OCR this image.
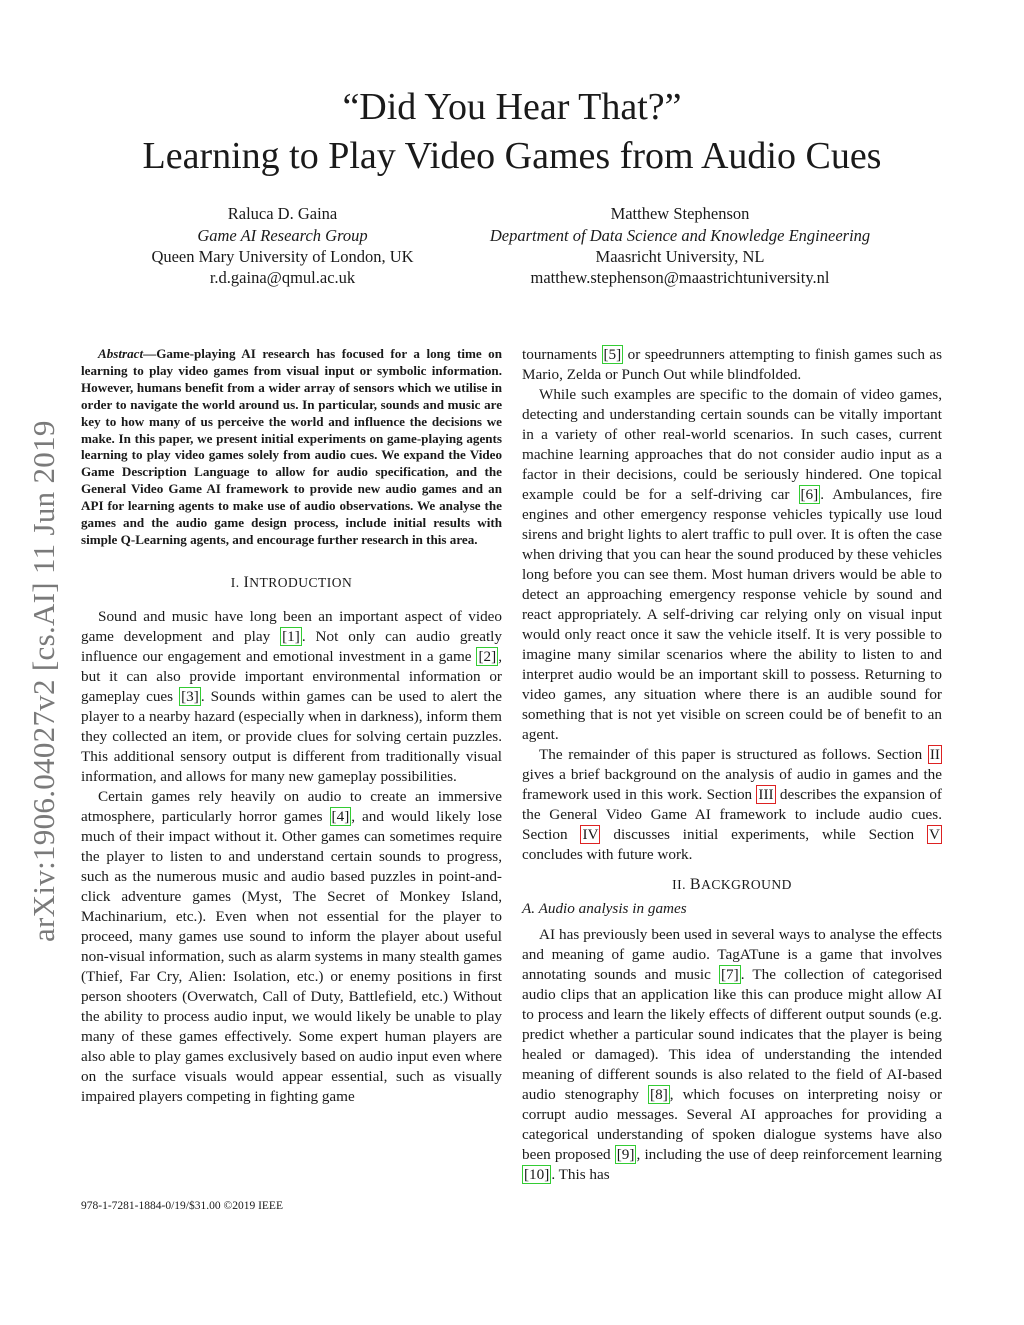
“Did You Hear That?”
Learning to Play Video Games from Audio Cues
Raluca D. Gaina
Game AI Research Group
Queen Mary University of London, UK
r.d.gaina@qmul.ac.uk
Matthew Stephenson
Department of Data Science and Knowledge Engineering
Maasricht University, NL
matthew.stephenson@maastrichtuniversity.nl

Abstract—Game-playing AI research has focused for a long time on learning to play video games from visual input or symbolic information. However, humans benefit from a wider array of sensors which we utilise in order to navigate the world around us. In particular, sounds and music are key to how many of us perceive the world and influence the decisions we make. In this paper, we present initial experiments on game-playing agents learning to play video games solely from audio cues. We expand the Video Game Description Language to allow for audio specification, and the General Video Game AI framework to provide new audio games and an API for learning agents to make use of audio observations. We analyse the games and the audio game design process, include initial results with simple Q-Learning agents, and encourage further research in this area.

I. INTRODUCTION

Sound and music have long been an important aspect of video game development and play [1] . Not only can audio greatly influence our engagement and emotional investment in a game [2] , but it can also provide important environmental information or gameplay cues [3] . Sounds within games can be used to alert the player to a nearby hazard (especially when in darkness), inform them they collected an item, or provide clues for solving certain puzzles. This additional sensory output is different from traditionally visual information, and allows for many new gameplay possibilities.

Certain games rely heavily on audio to create an immersive atmosphere, particularly horror games [4] , and would likely lose much of their impact without it. Other games can sometimes require the player to listen to and understand certain sounds to progress, such as the numerous music and audio based puzzles in point-and-click adventure games (Myst, The Secret of Monkey Island, Machinarium, etc.). Even when not essential for the player to proceed, many games use sound to inform the player about useful non-visual information, such as alarm systems in many stealth games (Thief, Far Cry, Alien: Isolation, etc.) or enemy positions in first person shooters (Overwatch, Call of Duty, Battlefield, etc.) Without the ability to process audio input, we would likely be unable to play many of these games effectively. Some expert human players are also able to play games exclusively based on audio input even where on the surface visuals would appear essential, such as visually impaired players competing in fighting game

tournaments [5] or speedrunners attempting to finish games such as Mario, Zelda or Punch Out while blindfolded.

While such examples are specific to the domain of video games, detecting and understanding certain sounds can be vitally important in a variety of other real-world scenarios. In such cases, current machine learning approaches that do not consider audio input as a factor in their decisions, could be seriously hindered. One topical example could be for a self-driving car [6] . Ambulances, fire engines and other emergency response vehicles typically use loud sirens and bright lights to alert traffic to pull over. It is often the case when driving that you can hear the sound produced by these vehicles long before you can see them. Most human drivers would be able to detect an approaching emergency response vehicle by sound and react appropriately. A self-driving car relying only on visual input would only react once it saw the vehicle itself. It is very possible to imagine many similar scenarios where the ability to listen to and interpret audio would be an important skill to possess. Returning to video games, any situation where there is an audible sound for something that is not yet visible on screen could be of benefit to an agent.

The remainder of this paper is structured as follows. Section II gives a brief background on the analysis of audio in games and the framework used in this work. Section III describes the expansion of the General Video Game AI framework to include audio cues. Section IV discusses initial experiments, while Section V concludes with future work.

II. BACKGROUND
A. Audio analysis in games

AI has previously been used in several ways to analyse the effects and meaning of game audio. TagATune is a game that involves annotating sounds and music [7] . The collection of categorised audio clips that an application like this can produce might allow AI to process and learn the likely effects of different output sounds (e.g. predict whether a particular sound indicates that the player is being healed or damaged). This idea of understanding the intended meaning of different sounds is also related to the field of AI-based audio stenography [8] , which focuses on interpreting noisy or corrupt audio messages. Several AI approaches for providing a categorical understanding of spoken dialogue systems have also been proposed [9] , including the use of deep reinforcement learning [10] . This has

arXiv:1906.04027v2 [cs.AI] 11 Jun 2019
978-1-7281-1884-0/19/$31.00 ©2019 IEEE
